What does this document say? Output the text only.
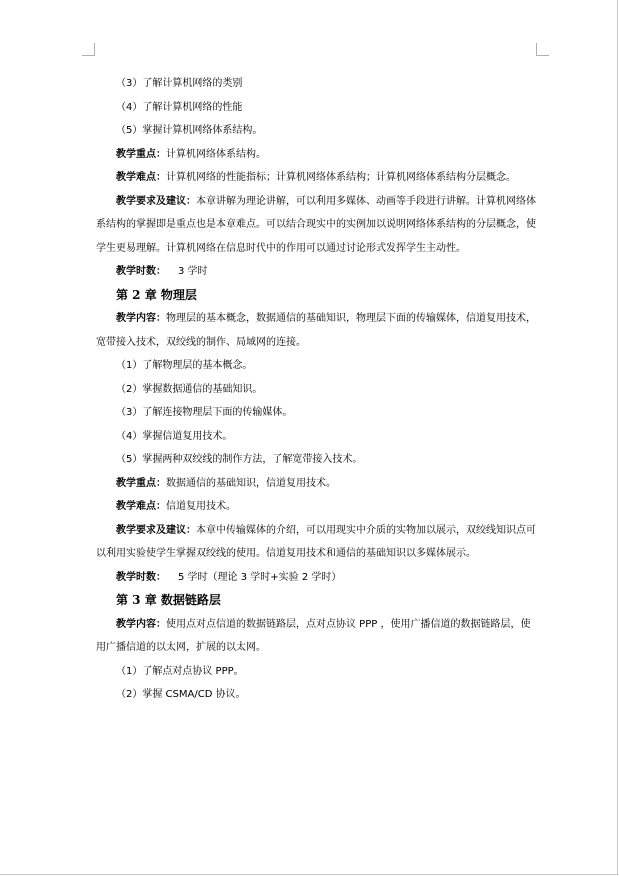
（3）了解计算机网络的类别
（4）了解计算机网络的性能
（5）掌握计算机网络体系结构。
教学重点：计算机网络体系结构。
教学难点：计算机网络的性能指标；计算机网络体系结构；计算机网络体系结构分层概念。
教学要求及建议：本章讲解为理论讲解，可以利用多媒体、动画等手段进行讲解。计算机网络体系结构的掌握即是重点也是本章难点。可以结合现实中的实例加以说明网络体系结构的分层概念，使学生更易理解。计算机网络在信息时代中的作用可以通过讨论形式发挥学生主动性。
教学时数： 3 学时
第 2 章 物理层
教学内容：物理层的基本概念，数据通信的基础知识，物理层下面的传输媒体，信道复用技术，宽带接入技术，双绞线的制作、局域网的连接。
（1）了解物理层的基本概念。
（2）掌握数据通信的基础知识。
（3）了解连接物理层下面的传输媒体。
（4）掌握信道复用技术。
（5）掌握两种双绞线的制作方法，了解宽带接入技术。
教学重点：数据通信的基础知识，信道复用技术。
教学难点：信道复用技术。
教学要求及建议：本章中传输媒体的介绍，可以用现实中介质的实物加以展示，双绞线知识点可以利用实验使学生掌握双绞线的使用。信道复用技术和通信的基础知识以多媒体展示。
教学时数： 5 学时（理论 3 学时+实验 2 学时）
第 3 章 数据链路层
教学内容：使用点对点信道的数据链路层，点对点协议 PPP ，使用广播信道的数据链路层，使用广播信道的以太网，扩展的以太网。
（1）了解点对点协议 PPP。
（2）掌握 CSMA/CD 协议。
